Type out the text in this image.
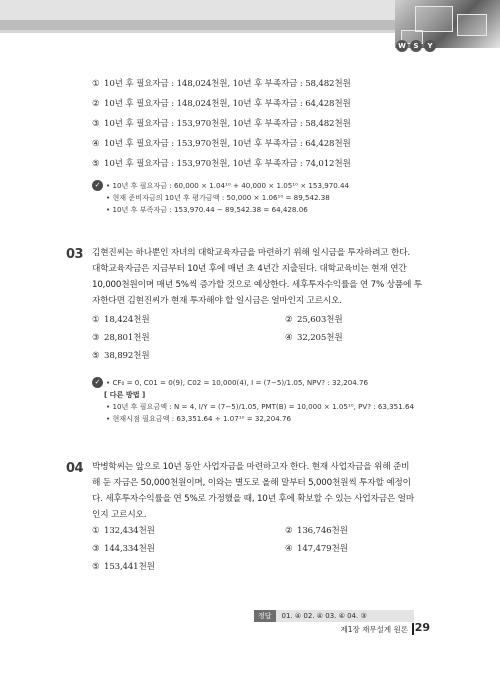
W	S	Y
① 10년 후 필요자금 : 148,024천원, 10년 후 부족자금 : 58,482천원
② 10년 후 필요자금 : 148,024천원, 10년 후 부족자금 : 64,428천원
③ 10년 후 필요자금 : 153,970천원, 10년 후 부족자금 : 58,482천원
④ 10년 후 필요자금 : 153,970천원, 10년 후 부족자금 : 64,428천원
⑤ 10년 후 필요자금 : 153,970천원, 10년 후 부족자금 : 74,012천원
✓ • 10년 후 필요자금 : 60,000 × 1.04¹⁰ + 40,000 × 1.05¹⁰ × 153,970.44
• 현재 준비자금의 10년 후 평가금액 : 50,000 × 1.06¹⁰ = 89,542.38
• 10년 후 부족자금 : 153,970.44 − 89,542.38 = 64,428.06
03 김현진씨는 하나뿐인 자녀의 대학교육자금을 마련하기 위해 일시금을 투자하려고 한다.
대학교육자금은 지금부터 10년 후에 매년 초 4년간 지출된다. 대학교육비는 현재 연간
10,000천원이며 매년 5%씩 증가할 것으로 예상한다. 세후투자수익률을 연 7% 상품에 투
자한다면 김현진씨가 현재 투자해야 할 일시금은 얼마인지 고르시오.
① 18,424천원	② 25,603천원
③ 28,801천원	④ 32,205천원
⑤ 38,892천원
✓ • CF₀ = 0, C01 = 0(9), C02 = 10,000(4), I = (7−5)/1.05, NPV? : 32,204.76
[ 다른 방법 ]
• 10년 후 필요금액 : N = 4, I/Y = (7−5)/1.05, PMT(B) = 10,000 × 1.05¹⁰, PV? : 63,351.64
• 현재시점 필요금액 : 63,351.64 ÷ 1.07¹⁰ = 32,204.76
04 박병학씨는 앞으로 10년 동안 사업자금을 마련하고자 한다. 현재 사업자금을 위해 준비
해 둔 자금은 50,000천원이며, 이와는 별도로 올해 말부터 5,000천원씩 투자할 예정이
다. 세후투자수익률을 연 5%로 가정했을 때, 10년 후에 확보할 수 있는 사업자금은 얼마
인지 고르시오.
① 132,434천원	② 136,746천원
③ 144,334천원	④ 147,479천원
⑤ 153,441천원
정답 01. ④ 02. ④ 03. ④ 04. ③
제1장 재무설계 원론 29
